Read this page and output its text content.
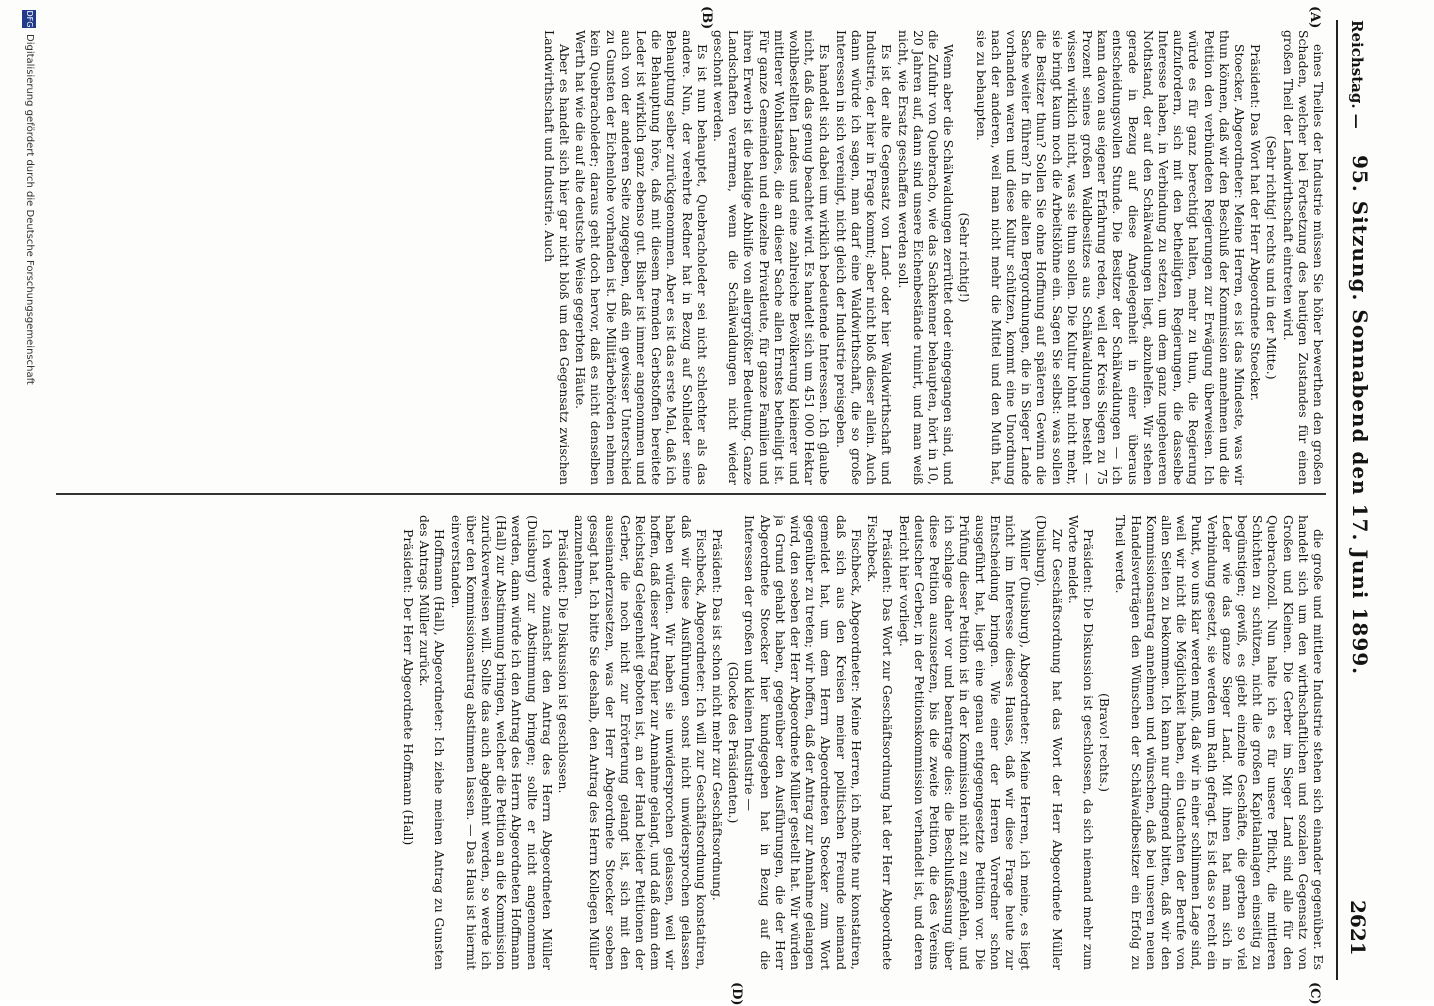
Reichstag. —
95. Sitzung. Sonnabend den 17. Juni 1899.
2621
(A)
(B)
(C)
(D)

eines Theiles der Industrie müssen Sie höher bewerthen den großen Schaden, welcher bei Fortsetzung des heutigen Zustandes für einen großen Theil der Landwirthschaft eintreten wird.

(Sehr richtig! rechts und in der Mitte.)

Präsident: Das Wort hat der Herr Abgeordnete Stoecker.

Stoecker, Abgeordneter: Meine Herren, es ist das Mindeste, was wir thun können, daß wir den Beschluß der Kommission annehmen und die Petition den verbündeten Regierungen zur Erwägung überweisen. Ich würde es für ganz berechtigt halten, mehr zu thun, die Regierung aufzufordern, sich mit den betheiligten Regierungen, die dasselbe Interesse haben, in Verbindung zu setzen, um dem ganz ungeheueren Nothstand, der auf den Schälwaldungen liegt, abzuhelfen. Wir stehen gerade in Bezug auf diese Angelegenheit in einer überaus entscheidungsvollen Stunde. Die Besitzer der Schälwaldungen — ich kann davon aus eigener Erfahrung reden, weil der Kreis Siegen zu 75 Prozent seines großen Waldbesitzes aus Schälwaldungen besteht — wissen wirklich nicht, was sie thun sollen. Die Kultur lohnt nicht mehr, sie bringt kaum noch die Arbeitslöhne ein. Sagen Sie selbst: was sollen die Besitzer thun? Sollen Sie ohne Hoffnung auf späteren Gewinn die Sache weiter führen? In die alten Bergordnungen, die in Sieger Lande vorhanden waren und diese Kultur schützen, kommt eine Unordnung nach der anderen, weil man nicht mehr die Mittel und den Muth hat, sie zu behaupten.

(Sehr richtig!)

Wenn aber die Schälwaldungen zerrüttet oder eingegangen sind, und die Zufuhr von Quebracho, wie das Sachkenner behaupten, hört in 10, 20 Jahren auf, dann sind unsere Eichenbestände ruinirt, und man weiß nicht, wie Ersatz geschaffen werden soll.

Es ist der alte Gegensatz von Land- oder hier Waldwirthschaft und Industrie, der hier in Frage kommt; aber nicht bloß dieser allein. Auch dann würde ich sagen, man darf eine Waldwirthschaft, die so große Interessen in sich vereinigt, nicht gleich der Industrie preisgeben.

Es handelt sich dabei um wirklich bedeutende Interessen. Ich glaube nicht, daß das genug beachtet wird. Es handelt sich um 451 000 Hektar wohlbestellten Landes und eine zahlreiche Bevölkerung kleinerer und mittlerer Wohlstandes, die an dieser Sache allen Ernstes betheiligt ist. Für ganze Gemeinden und einzelne Privatleute, für ganze Familien und ihren Erwerb ist die baldige Abhilfe von allergrößter Bedeutung. Ganze Landschaften verarmen, wenn die Schälwaldungen nicht wieder geschont werden.

Es ist nun behauptet, Quebracholeder sei nicht schlechter als das andere. Nun, der verehrte Redner hat in Bezug auf Sohlleder seine Behauptung selber zurückgenommen. Aber es ist das erste Mal, daß ich die Behauptung höre, daß mit diesem fremden Gerbstoffen bereitete Leder ist wirklich ganz ebenso gut. Bisher ist immer angenommen und auch von der anderen Seite zugegeben, daß ein gewisser Unterschied zu Gunsten der Eichenlohe vorhanden ist. Die Militärbehörden nehmen kein Quebracholeder; daraus geht doch hervor, daß es nicht denselben Werth hat wie die auf alte deutsche Weise gegerbten Häute.

Aber es handelt sich hier gar nicht bloß um den Gegensatz zwischen Landwirthschaft und Industrie. Auch

die große und mittlere Industrie stehen sich einander gegenüber. Es handelt sich um den wirthschaftlichen und sozialen Gegensatz von Großen und Kleinen. Die Gerber im Sieger Land sind alle für den Quebrachozoll. Nun halte ich es für unsere Pflicht, die mittleren Schichten zu schützen, nicht die großen Kapitalanlagen einseitig zu begünstigen; gewiß, es giebt einzelne Geschäfte, die gerben so viel Leder wie das ganze Sieger Land. Mit ihnen hat man sich in Verbindung gesetzt, sie werden um Rath gefragt. Es ist das so recht ein Punkt, wo uns klar werden muß, daß wir in einer schlimmen Lage sind, weil wir nicht die Möglichkeit haben, ein Gutachten der Berufe von allen Seiten zu bekommen. Ich kann nur dringend bitten, daß wir den Kommissionsantrag annehmen und wünschen, daß bei unseren neuen Handelsverträgen den Wünschen der Schälwaldbesitzer ein Erfolg zu Theil werde.

(Bravo! rechts.)

Präsident: Die Diskussion ist geschlossen, da sich niemand mehr zum Worte meldet.

Zur Geschäftsordnung hat das Wort der Herr Abgeordnete Müller (Duisburg).

Müller (Duisburg), Abgeordneter: Meine Herren, ich meine, es liegt nicht im Interesse dieses Hauses, daß wir diese Frage heute zur Entscheidung bringen. Wie einer der Herren Vorredner schon ausgeführt hat, liegt eine genau entgegengesetzte Petition vor. Die Prüfung dieser Petition ist in der Kommission nicht zu empfehlen, und ich schlage daher vor und beantrage dies: die Beschlußfassung über diese Petition auszusetzen, bis die zweite Petition, die des Vereins deutscher Gerber, in der Petitionskommission verhandelt ist, und deren Bericht hier vorliegt.

Präsident: Das Wort zur Geschäftsordnung hat der Herr Abgeordnete Fischbeck.

Fischbeck, Abgeordneter: Meine Herren, ich möchte nur konstatiren, daß sich aus den Kreisen meiner politischen Freunde niemand gemeldet hat, um dem Herrn Abgeordneten Stoecker zum Wort gegenüber zu treten; wir hoffen, daß der Antrag zur Annahme gelangen wird, den soeben der Herr Abgeordnete Müller gestellt hat. Wir würden ja Grund gehabt haben, gegenüber den Ausführungen, die der Herr Abgeordnete Stoecker hier kundgegeben hat in Bezug auf die Interessen der großen und kleinen Industrie —

(Glocke des Präsidenten.)

Präsident: Das ist schon nicht mehr zur Geschäftsordnung.

Fischbeck, Abgeordneter: Ich will zur Geschäftsordnung konstatiren, daß wir diese Ausführungen sonst nicht unwidersprochen gelassen haben würden. Wir haben sie unwidersprochen gelassen, weil wir hoffen, daß dieser Antrag hier zur Annahme gelangt, und daß dann dem Reichstag Gelegenheit geboten ist, an der Hand beider Petitionen der Gerber, die noch nicht zur Erörterung gelangt ist, sich mit den auseinanderzusetzen, was der Herr Abgeordnete Stoecker soeben gesagt hat. Ich bitte Sie deshalb, den Antrag des Herrn Kollegen Müller anzunehmen.

Präsident: Die Diskussion ist geschlossen.

Ich werde zunächst den Antrag des Herrn Abgeordneten Müller (Duisburg) zur Abstimmung bringen; sollte er nicht angenommen werden, dann würde ich den Antrag des Herrn Abgeordneten Hoffmann (Hall) zur Abstimmung bringen, welcher die Petition an die Kommission zurückverweisen will. Sollte das auch abgelehnt werden, so werde ich über den Kommissionsantrag abstimmen lassen. — Das Haus ist hiermit einverstanden.

Hoffmann (Hall), Abgeordneter: Ich ziehe meinen Antrag zu Gunsten des Antrags Müller zurück.

Präsident: Der Herr Abgeordnete Hoffmann (Hall)

DFG
Digitalisierung gefördert durch die Deutsche Forschungsgemeinschaft
